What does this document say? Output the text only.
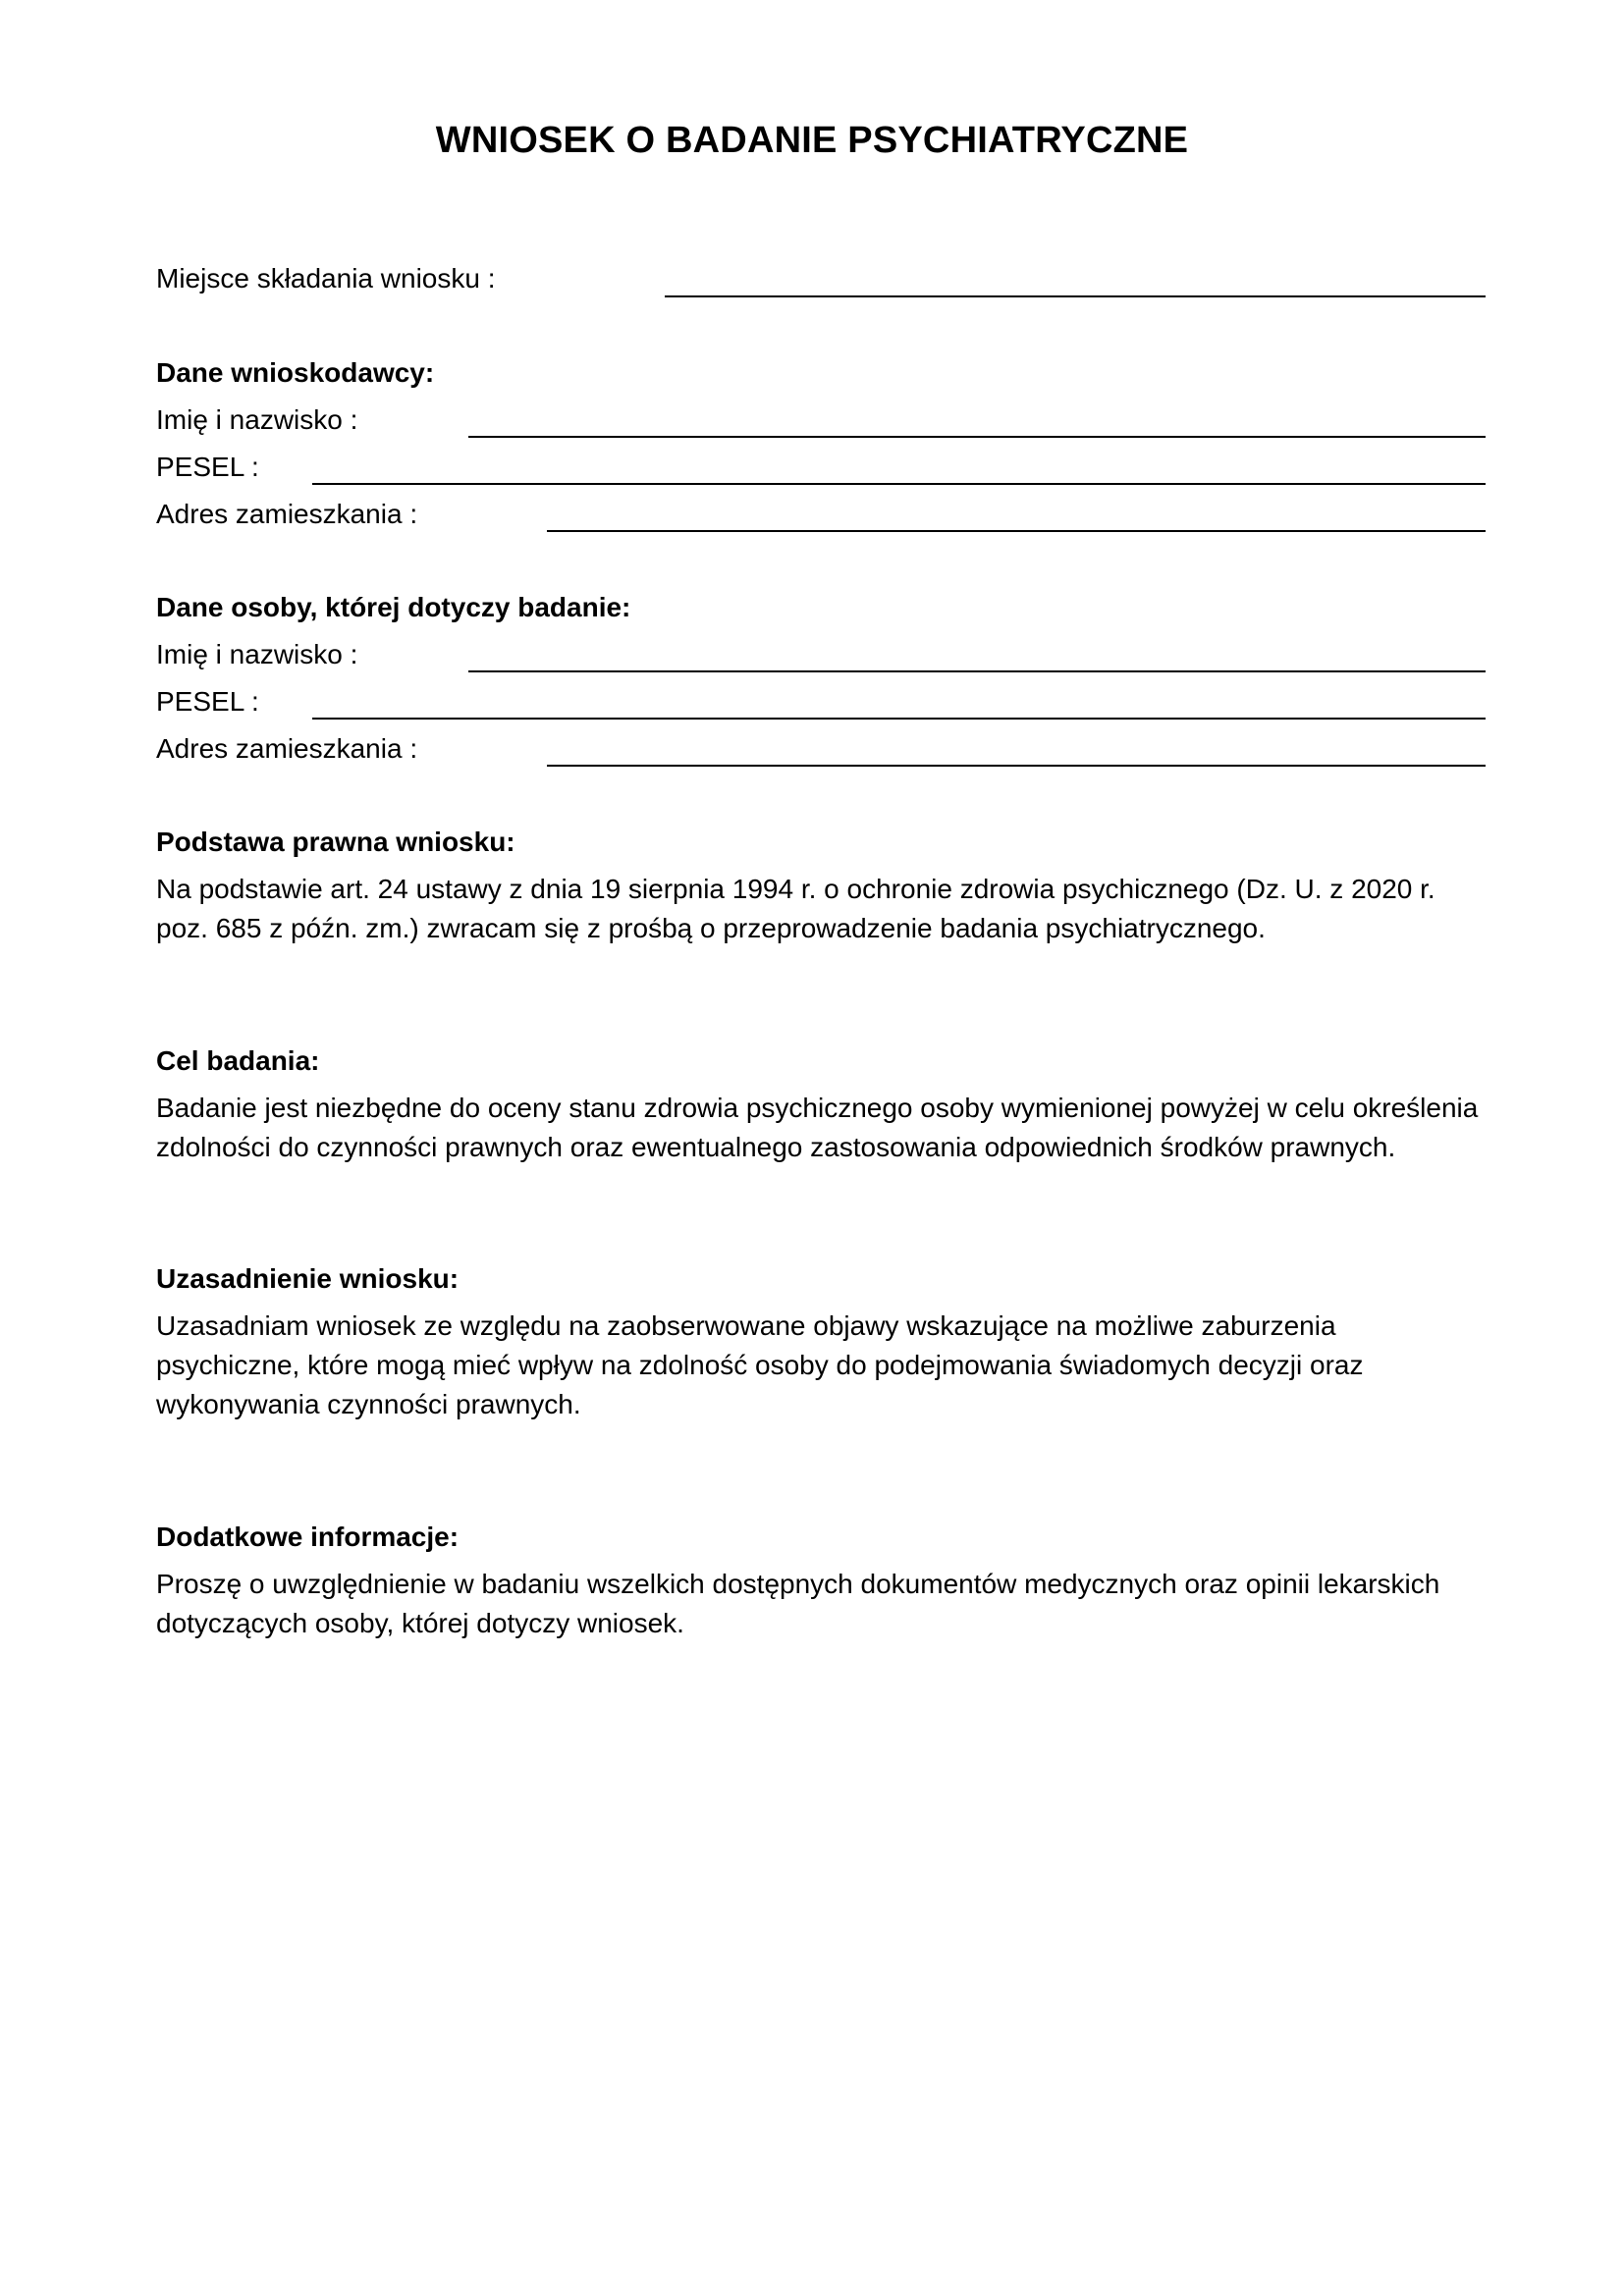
WNIOSEK O BADANIE PSYCHIATRYCZNE
Miejsce składania wniosku :
Dane wnioskodawcy:
Imię i nazwisko :
PESEL :
Adres zamieszkania :
Dane osoby, której dotyczy badanie:
Imię i nazwisko :
PESEL :
Adres zamieszkania :
Podstawa prawna wniosku:
Na podstawie art. 24 ustawy z dnia 19 sierpnia 1994 r. o ochronie zdrowia psychicznego (Dz. U. z 2020 r.
poz. 685 z późn. zm.) zwracam się z prośbą o przeprowadzenie badania psychiatrycznego.
Cel badania:
Badanie jest niezbędne do oceny stanu zdrowia psychicznego osoby wymienionej powyżej w celu określenia
zdolności do czynności prawnych oraz ewentualnego zastosowania odpowiednich środków prawnych.
Uzasadnienie wniosku:
Uzasadniam wniosek ze względu na zaobserwowane objawy wskazujące na możliwe zaburzenia
psychiczne, które mogą mieć wpływ na zdolność osoby do podejmowania świadomych decyzji oraz
wykonywania czynności prawnych.
Dodatkowe informacje:
Proszę o uwzględnienie w badaniu wszelkich dostępnych dokumentów medycznych oraz opinii lekarskich
dotyczących osoby, której dotyczy wniosek.
